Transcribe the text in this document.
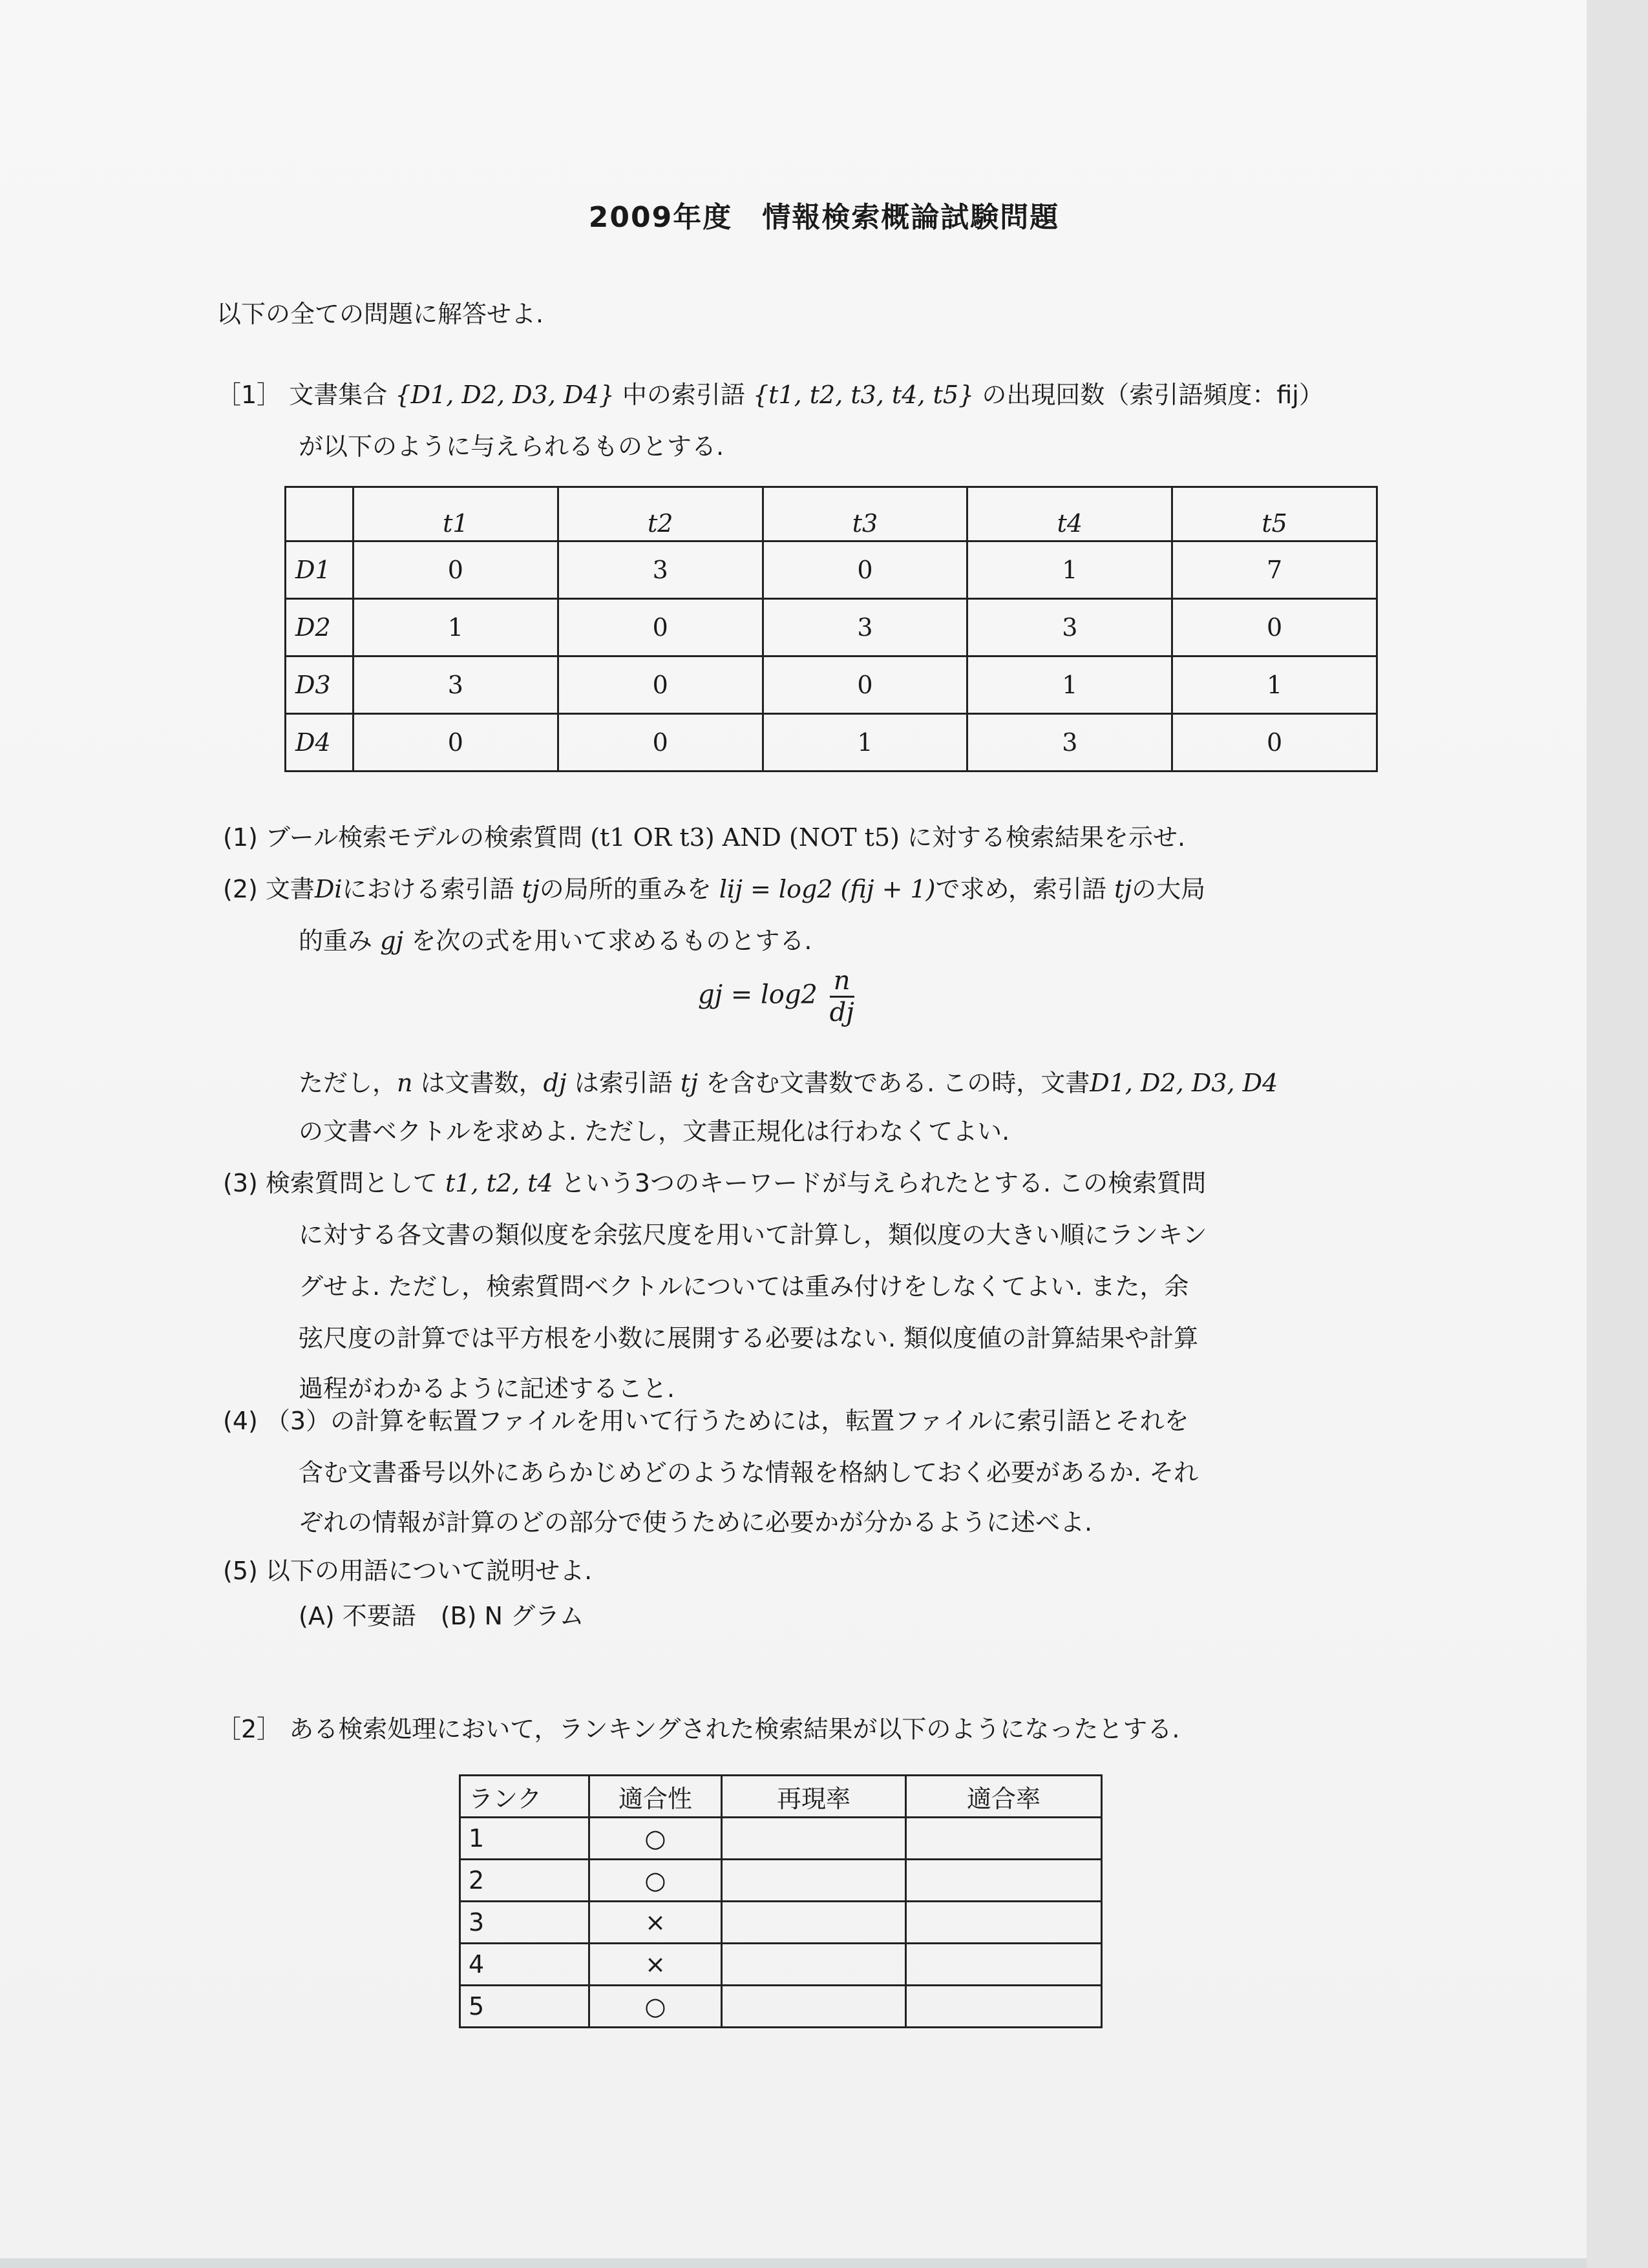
2009年度　情報検索概論試験問題
以下の全ての問題に解答せよ.
［1］ 文書集合 {D1, D2, D3, D4} 中の索引語 {t1, t2, t3, t4, t5} の出現回数（索引語頻度：fij）
が以下のように与えられるものとする.
	t1	t2	t3	t4	t5
D1	0	3	0	1	7
D2	1	0	3	3	0
D3	3	0	0	1	1
D4	0	0	1	3	0
(1) ブール検索モデルの検索質問 (t1 OR t3) AND (NOT t5) に対する検索結果を示せ.
(2) 文書Diにおける索引語 tjの局所的重みを lij = log2 (fij + 1)で求め，索引語 tjの大局
的重み gj を次の式を用いて求めるものとする.
gj = $\log 2 \frac{n}{dj}$
ただし，n は文書数，dj は索引語 tj を含む文書数である. この時，文書D1, D2, D3, D4
の文書ベクトルを求めよ. ただし，文書正規化は行わなくてよい.
(3) 検索質問として t1, t2, t4 という3つのキーワードが与えられたとする. この検索質問
に対する各文書の類似度を余弦尺度を用いて計算し，類似度の大きい順にランキン
グせよ. ただし，検索質問ベクトルについては重み付けをしなくてよい. また，余
弦尺度の計算では平方根を小数に展開する必要はない. 類似度値の計算結果や計算
過程がわかるように記述すること.
(4) （3）の計算を転置ファイルを用いて行うためには，転置ファイルに索引語とそれを
含む文書番号以外にあらかじめどのような情報を格納しておく必要があるか. それ
ぞれの情報が計算のどの部分で使うために必要かが分かるように述べよ.
(5) 以下の用語について説明せよ.
(A) 不要語　(B) N グラム
［2］ ある検索処理において，ランキングされた検索結果が以下のようになったとする.
ランク	適合性	再現率	適合率
1	○		
2	○		
3	×		
4	×		
5	○		
